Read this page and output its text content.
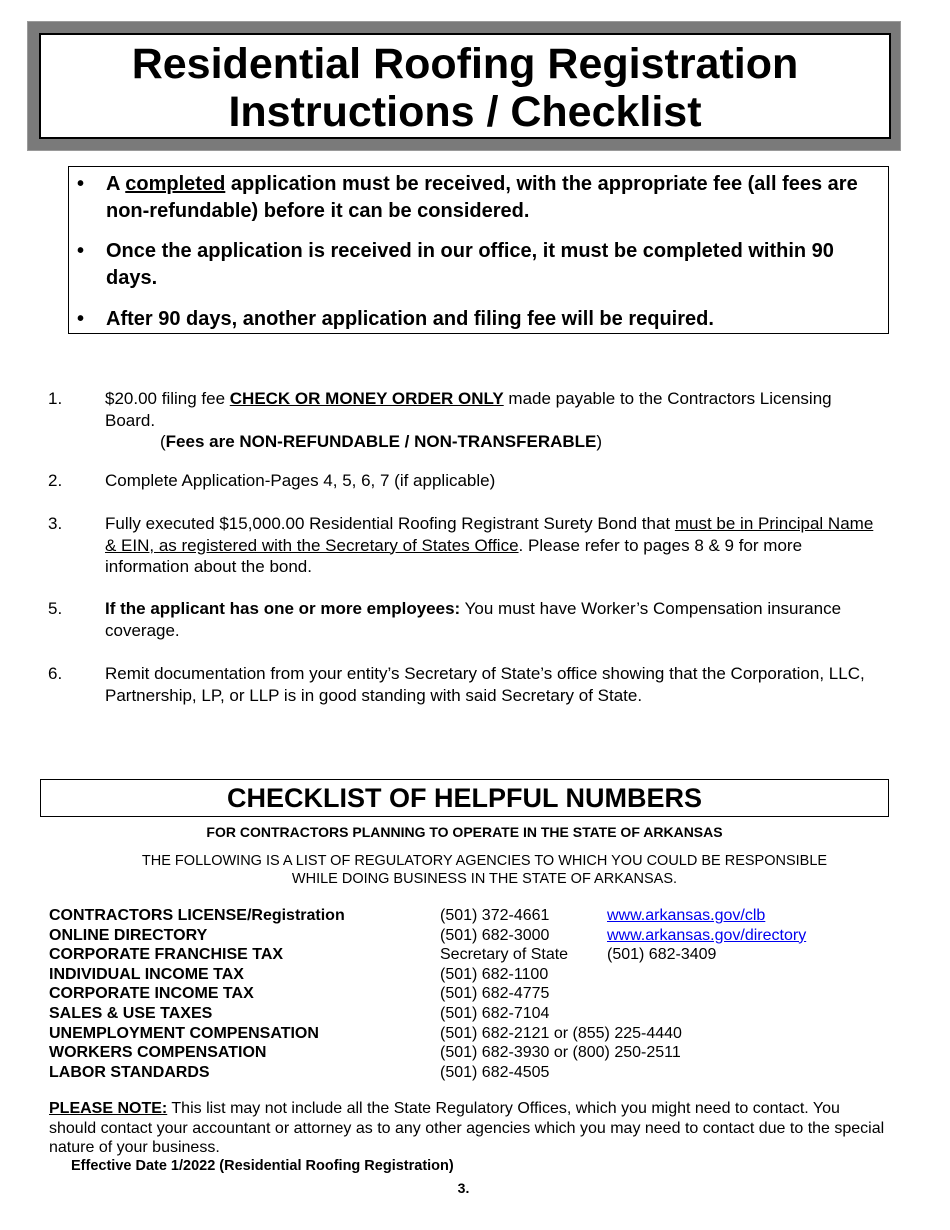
Residential Roofing Registration
Instructions / Checklist
•	A completed application must be received, with the appropriate fee (all fees are non-refundable) before it can be considered.
•	Once the application is received in our office, it must be completed within 90 days.
•	After 90 days, another application and filing fee will be required.
1.	$20.00 filing fee CHECK OR MONEY ORDER ONLY made payable to the Contractors Licensing Board.
(Fees are NON-REFUNDABLE / NON-TRANSFERABLE)
2.	Complete Application-Pages 4, 5, 6, 7 (if applicable)
3.	Fully executed $15,000.00 Residential Roofing Registrant Surety Bond that must be in Principal Name & EIN, as registered with the Secretary of States Office. Please refer to pages 8 & 9 for more information about the bond.
5.	If the applicant has one or more employees: You must have Worker’s Compensation insurance coverage.
6.	Remit documentation from your entity’s Secretary of State’s office showing that the Corporation, LLC, Partnership, LP, or LLP is in good standing with said Secretary of State.
CHECKLIST OF HELPFUL NUMBERS
FOR CONTRACTORS PLANNING TO OPERATE IN THE STATE OF ARKANSAS
THE FOLLOWING IS A LIST OF REGULATORY AGENCIES TO WHICH YOU COULD BE RESPONSIBLE
WHILE DOING BUSINESS IN THE STATE OF ARKANSAS.
CONTRACTORS LICENSE/Registration	(501) 372-4661	www.arkansas.gov/clb
ONLINE DIRECTORY	(501) 682-3000	www.arkansas.gov/directory
CORPORATE FRANCHISE TAX	Secretary of State (501) 682-3409
INDIVIDUAL INCOME TAX	(501) 682-1100
CORPORATE INCOME TAX	(501) 682-4775
SALES & USE TAXES	(501) 682-7104
UNEMPLOYMENT COMPENSATION	(501) 682-2121 or (855) 225-4440
WORKERS COMPENSATION	(501) 682-3930 or (800) 250-2511
LABOR STANDARDS	(501) 682-4505
PLEASE NOTE: This list may not include all the State Regulatory Offices, which you might need to contact. You should contact your accountant or attorney as to any other agencies which you may need to contact due to the special nature of your business.
Effective Date 1/2022 (Residential Roofing Registration)
3.
